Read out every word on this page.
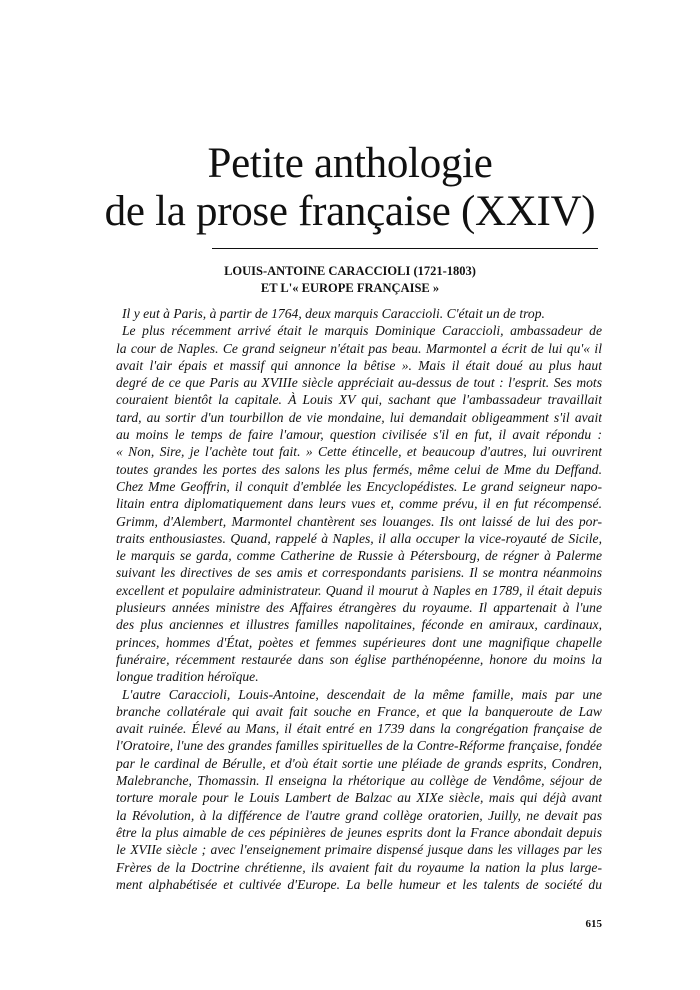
Petite anthologie
de la prose française (XXIV)
LOUIS-ANTOINE CARACCIOLI (1721-1803)
ET L'« EUROPE FRANÇAISE »
Il y eut à Paris, à partir de 1764, deux marquis Caracciolі. C'était un de trop.
Le plus récemment arrivé était le marquis Dominique Caraccioli, ambassadeur de
la cour de Naples. Ce grand seigneur n'était pas beau. Marmontel a écrit de lui qu'« il
avait l'air épais et massif qui annonce la bêtise ». Mais il était doué au plus haut
degré de ce que Paris au XVIIIe siècle appréciait au-dessus de tout : l'esprit. Ses mots
couraient bientôt la capitale. À Louis XV qui, sachant que l'ambassadeur travaillait
tard, au sortir d'un tourbillon de vie mondaine, lui demandait obligeamment s'il avait
au moins le temps de faire l'amour, question civilisée s'il en fut, il avait répondu :
« Non, Sire, je l'achète tout fait. » Cette étincelle, et beaucoup d'autres, lui ouvrirent
toutes grandes les portes des salons les plus fermés, même celui de Mme du Deffand.
Chez Mme Geoffrin, il conquit d'emblée les Encyclopédistes. Le grand seigneur napo-
litain entra diplomatiquement dans leurs vues et, comme prévu, il en fut récompensé.
Grimm, d'Alembert, Marmontel chantèrent ses louanges. Ils ont laissé de lui des por-
traits enthousiastes. Quand, rappelé à Naples, il alla occuper la vice-royauté de Sicile,
le marquis se garda, comme Catherine de Russie à Pétersbourg, de régner à Palerme
suivant les directives de ses amis et correspondants parisiens. Il se montra néanmoins
excellent et populaire administrateur. Quand il mourut à Naples en 1789, il était depuis
plusieurs années ministre des Affaires étrangères du royaume. Il appartenait à l'une
des plus anciennes et illustres familles napolitaines, féconde en amiraux, cardinaux,
princes, hommes d'État, poètes et femmes supérieures dont une magnifique chapelle
funéraire, récemment restaurée dans son église parthénopéenne, honore du moins la
longue tradition héroïque.
L'autre Caraccioli, Louis-Antoine, descendait de la même famille, mais par une
branche collatérale qui avait fait souche en France, et que la banqueroute de Law
avait ruinée. Élevé au Mans, il était entré en 1739 dans la congrégation française de
l'Oratoire, l'une des grandes familles spirituelles de la Contre-Réforme française, fondée
par le cardinal de Bérulle, et d'où était sortie une pléiade de grands esprits, Condren,
Malebranche, Thomassin. Il enseigna la rhétorique au collège de Vendôme, séjour de
torture morale pour le Louis Lambert de Balzac au XIXe siècle, mais qui déjà avant
la Révolution, à la différence de l'autre grand collège oratorien, Juilly, ne devait pas
être la plus aimable de ces pépinières de jeunes esprits dont la France abondait depuis
le XVIIe siècle ; avec l'enseignement primaire dispensé jusque dans les villages par les
Frères de la Doctrine chrétienne, ils avaient fait du royaume la nation la plus large-
ment alphabétisée et cultivée d'Europe. La belle humeur et les talents de société du
615
